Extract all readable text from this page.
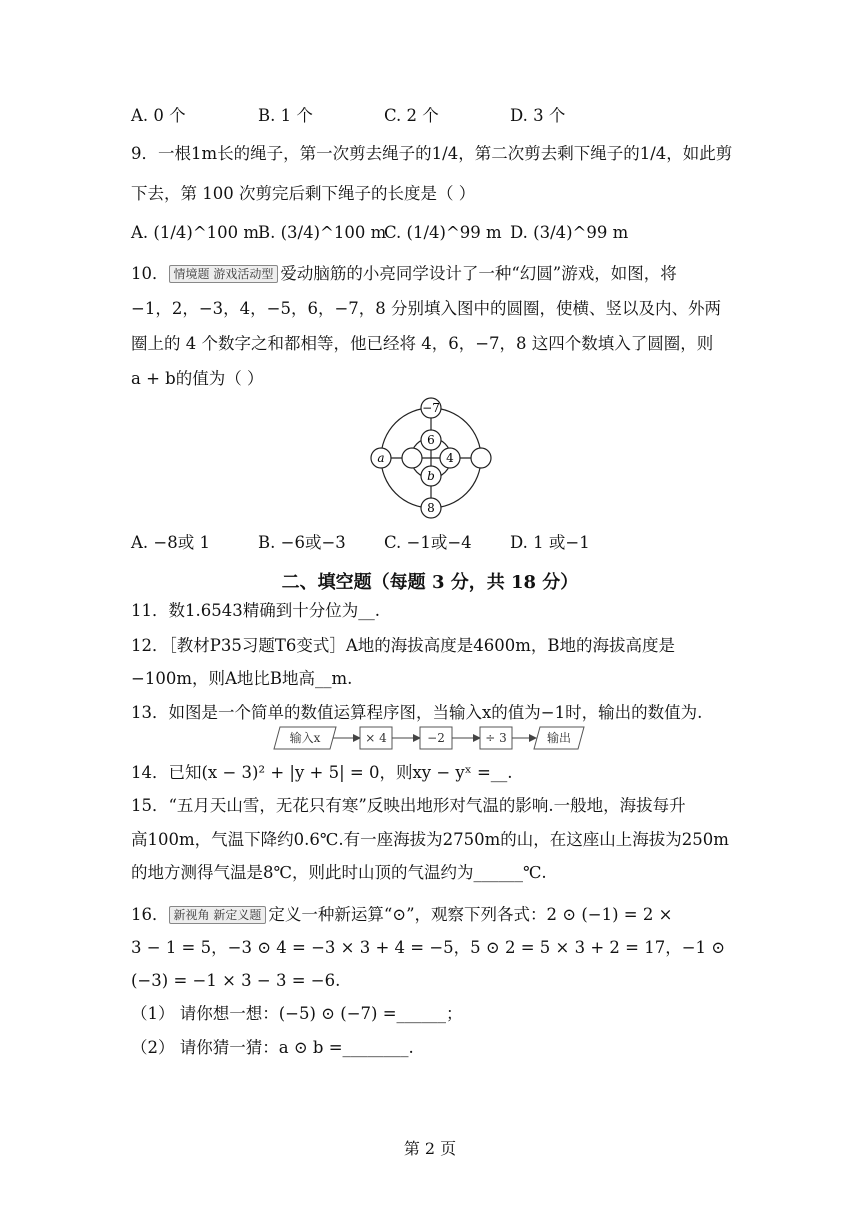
A. 0 个	B. 1 个	C. 2 个	D. 3 个
9．一根1m长的绳子，第一次剪去绳子的1/4，第二次剪去剩下绳子的1/4，如此剪
下去，第 100 次剪完后剩下绳子的长度是（ ）
A. (1/4)^100 m
B. (3/4)^100 m
C. (1/4)^99 m D. (3/4)^99 m
10． 情境题 游戏活动型 爱动脑筋的小亮同学设计了一种“幻圆”游戏，如图，将
−1，2，−3，4，−5，6，−7，8 分别填入图中的圆圈，使横、竖以及内、外两
圈上的 4 个数字之和都相等，他已经将 4，6，−7，8 这四个数填入了圆圈，则
a + b的值为（ ）
−7
6
b
8
a	4
A. −8或 1	B. −6或−3 C. −1或−4 D. 1 或−1
二、填空题（每题 3 分，共 18 分）
11．数1.6543精确到十分位为__.
12．［教材P35习题T6变式］A地的海拔高度是4600m，B地的海拔高度是
−100m，则A地比B地高__m.
13．如图是一个简单的数值运算程序图，当输入x的值为−1时，输出的数值为.
输入x	× 4	−2	÷ 3	输出
14．已知(x − 3)² + |y + 5| = 0，则xy − yˣ =__.
15．“五月天山雪，无花只有寒”反映出地形对气温的影响.一般地，海拔每升
高100m，气温下降约0.6℃.有一座海拔为2750m的山，在这座山上海拔为250m
的地方测得气温是8℃，则此时山顶的气温约为______℃.
16． 新视角 新定义题 定义一种新运算“⊙”，观察下列各式：2 ⊙ (−1) = 2 ×
3 − 1 = 5，−3 ⊙ 4 = −3 × 3 + 4 = −5，5 ⊙ 2 = 5 × 3 + 2 = 17，−1 ⊙
(−3) = −1 × 3 − 3 = −6.
（1） 请你想一想：(−5) ⊙ (−7) =______；
（2） 请你猜一猜：a ⊙ b =________.
第 2 页
